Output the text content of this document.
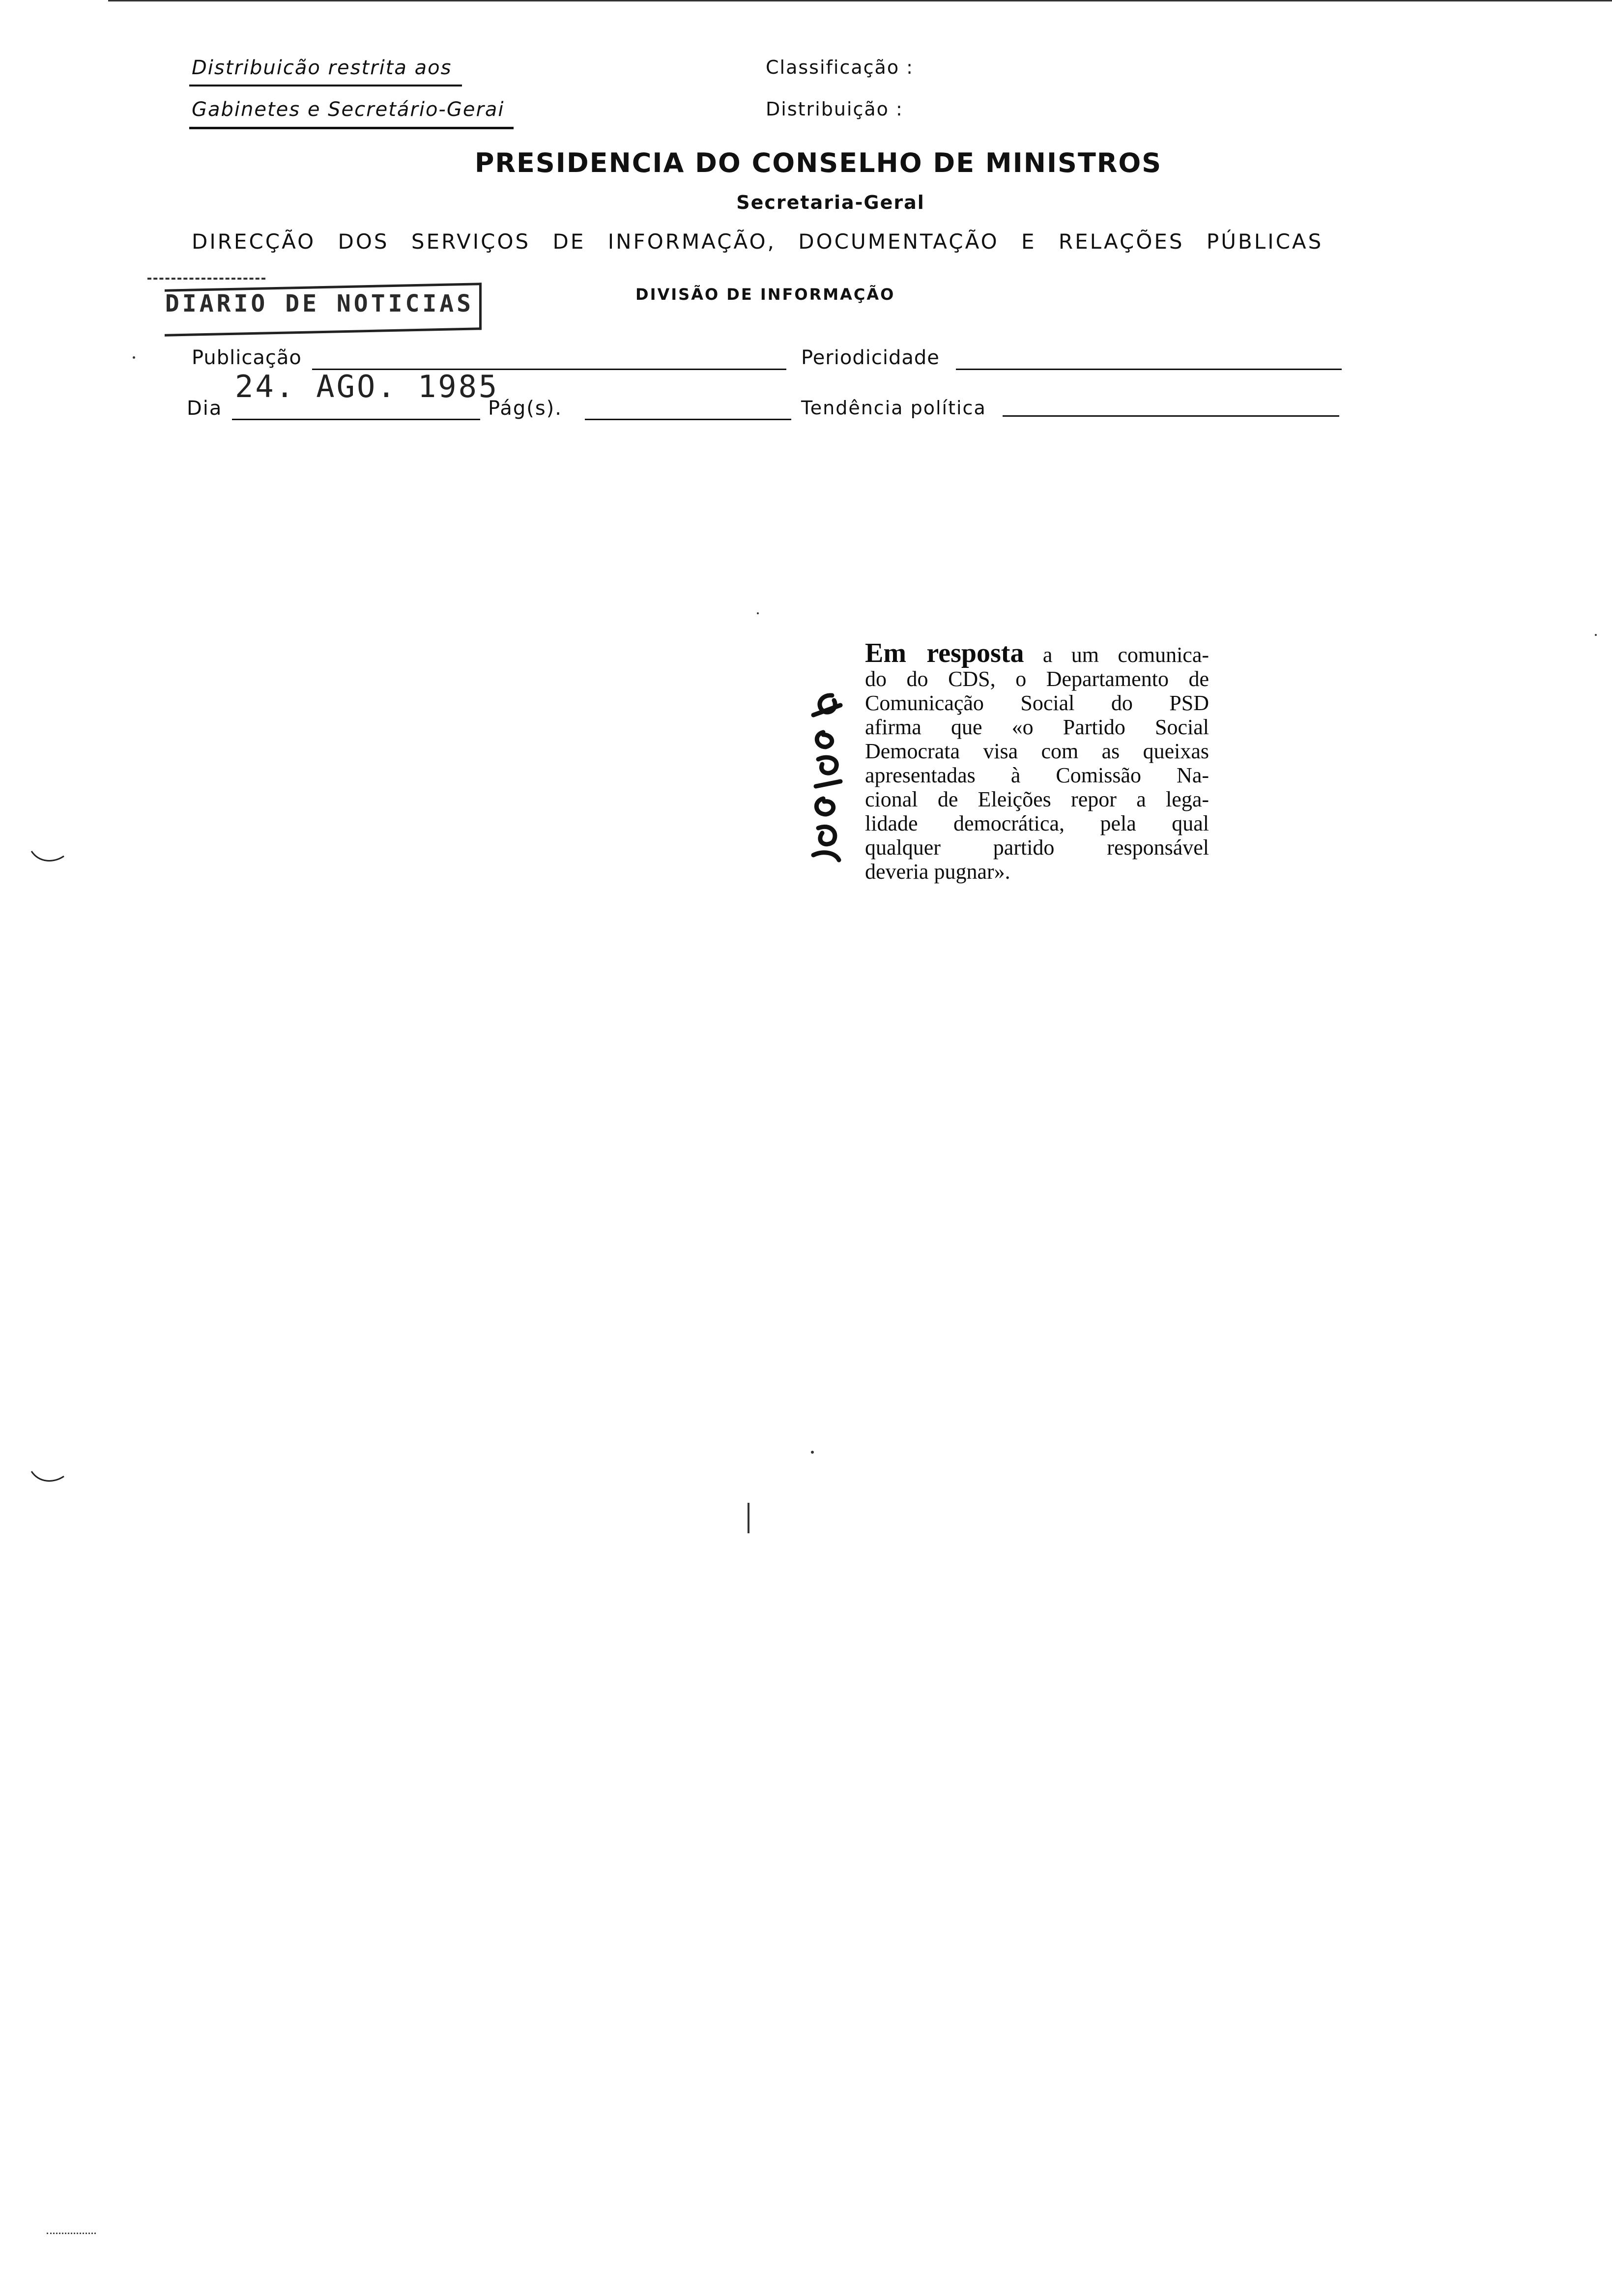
Distribuicão restrita aos
Gabinetes e Secretário-Gerai
Classificação :
Distribuição :
PRESIDENCIA DO CONSELHO DE MINISTROS
Secretaria-Geral
DIRECÇÃO DOS SERVIÇOS DE INFORMAÇÃO, DOCUMENTAÇÃO E RELAÇÕES PÚBLICAS
DIVISÃO DE INFORMAÇÃO
DIARIO DE NOTICIAS
Publicação	Periodicidade
Dia
24. AGO. 1985
Pág(s).	Tendência política
Em resposta a um comunica-
do do CDS, o Departamento de
Comunicação Social do PSD
afirma que «o Partido Social
Democrata visa com as queixas
apresentadas à Comissão Na-
cional de Eleições repor a lega-
lidade democrática, pela qual
qualquer partido responsável
deveria pugnar».
